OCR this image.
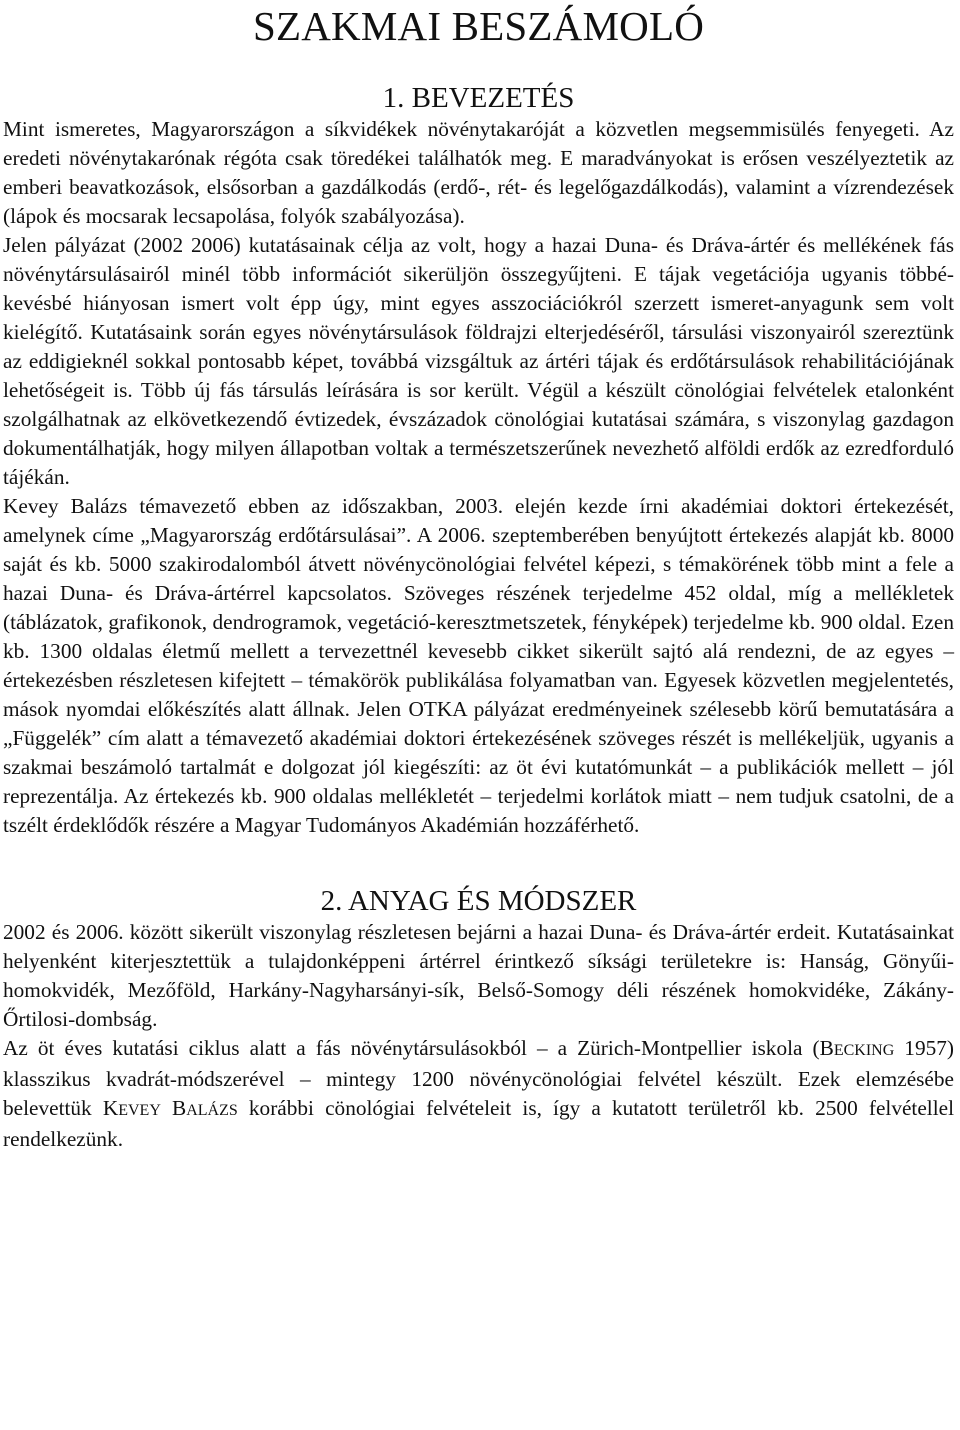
SZAKMAI BESZÁMOLÓ
1. BEVEZETÉS

Mint ismeretes, Magyarországon a síkvidékek növénytakaróját a közvetlen megsemmisülés fenyegeti. Az eredeti növénytakarónak régóta csak töredékei találhatók meg. E maradványokat is erősen veszélyeztetik az emberi beavatkozások, elsősorban a gazdálkodás (erdő-, rét- és legelőgazdálkodás), valamint a vízrendezések (lápok és mocsarak lecsapolása, folyók szabályozása).

Jelen pályázat (2002 2006) kutatásainak célja az volt, hogy a hazai Duna- és Dráva-ártér és mellékének fás növénytársulásairól minél több információt sikerüljön összegyűjteni. E tájak vegetációja ugyanis többé-kevésbé hiányosan ismert volt épp úgy, mint egyes asszociációkról szerzett ismeret-anyagunk sem volt kielégítő. Kutatásaink során egyes növénytársulások földrajzi elterjedéséről, társulási viszonyairól szereztünk az eddigieknél sokkal pontosabb képet, továbbá vizsgáltuk az ártéri tájak és erdőtársulások rehabilitációjának lehetőségeit is. Több új fás társulás leírására is sor került. Végül a készült cönológiai felvételek etalonként szolgálhatnak az elkövetkezendő évtizedek, évszázadok cönológiai kutatásai számára, s viszonylag gazdagon dokumentálhatják, hogy milyen állapotban voltak a természetszerűnek nevezhető alföldi erdők az ezredforduló tájékán.

Kevey Balázs témavezető ebben az időszakban, 2003. elején kezde írni akadémiai doktori értekezését, amelynek címe „Magyarország erdőtársulásai”. A 2006. szeptemberében benyújtott értekezés alapját kb. 8000 saját és kb. 5000 szakirodalomból átvett növénycönológiai felvétel képezi, s témakörének több mint a fele a hazai Duna- és Dráva-ártérrel kapcsolatos. Szöveges részének terjedelme 452 oldal, míg a mellékletek (táblázatok, grafikonok, dendrogramok, vegetáció-keresztmetszetek, fényképek) terjedelme kb. 900 oldal. Ezen kb. 1300 oldalas életmű mellett a tervezettnél kevesebb cikket sikerült sajtó alá rendezni, de az egyes – értekezésben részletesen kifejtett – témakörök publikálása folyamatban van. Egyesek közvetlen megjelentetés, mások nyomdai előkészítés alatt állnak. Jelen OTKA pályázat eredményeinek szélesebb körű bemutatására a „Függelék” cím alatt a témavezető akadémiai doktori értekezésének szöveges részét is mellékeljük, ugyanis a szakmai beszámoló tartalmát e dolgozat jól kiegészíti: az öt évi kutatómunkát – a publikációk mellett – jól reprezentálja. Az értekezés kb. 900 oldalas mellékletét – terjedelmi korlátok miatt – nem tudjuk csatolni, de a tszélt érdeklődők részére a Magyar Tudományos Akadémián hozzáférhető.

2. ANYAG ÉS MÓDSZER

2002 és 2006. között sikerült viszonylag részletesen bejárni a hazai Duna- és Dráva-ártér erdeit. Kutatásainkat helyenként kiterjesztettük a tulajdonképpeni ártérrel érintkező síksági területekre is: Hanság, Gönyűi-homokvidék, Mezőföld, Harkány-Nagyharsányi-sík, Belső-Somogy déli részének homokvidéke, Zákány-Őrtilosi-dombság.

Az öt éves kutatási ciklus alatt a fás növénytársulásokból – a Zürich-Montpellier iskola (BECKING 1957) klasszikus kvadrát-módszerével – mintegy 1200 növénycönológiai felvétel készült. Ezek elemzésébe belevettük KEVEY BALÁZS korábbi cönológiai felvételeit is, így a kutatott területről kb. 2500 felvétellel rendelkezünk.
